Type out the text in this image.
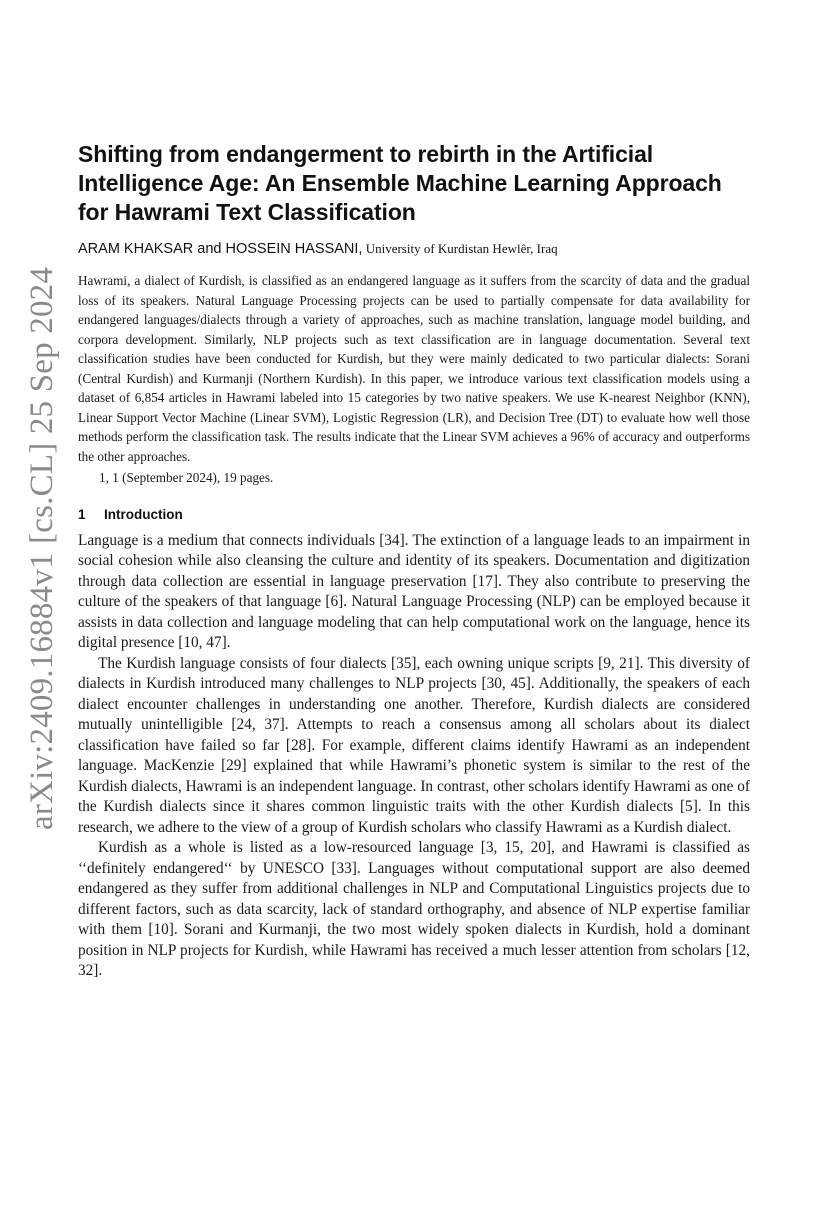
arXiv:2409.16884v1 [cs.CL] 25 Sep 2024
Shifting from endangerment to rebirth in the Artificial Intelligence Age: An Ensemble Machine Learning Approach for Hawrami Text Classification
ARAM KHAKSAR and HOSSEIN HASSANI, University of Kurdistan Hewlêr, Iraq
Hawrami, a dialect of Kurdish, is classified as an endangered language as it suffers from the scarcity of data and the gradual loss of its speakers. Natural Language Processing projects can be used to partially compensate for data availability for endangered languages/dialects through a variety of approaches, such as machine translation, language model building, and corpora development. Similarly, NLP projects such as text classification are in language documentation. Several text classification studies have been conducted for Kurdish, but they were mainly dedicated to two particular dialects: Sorani (Central Kurdish) and Kurmanji (Northern Kurdish). In this paper, we introduce various text classification models using a dataset of 6,854 articles in Hawrami labeled into 15 categories by two native speakers. We use K-nearest Neighbor (KNN), Linear Support Vector Machine (Linear SVM), Logistic Regression (LR), and Decision Tree (DT) to evaluate how well those methods perform the classification task. The results indicate that the Linear SVM achieves a 96% of accuracy and outperforms the other approaches.
1, 1 (September 2024), 19 pages.
1 Introduction

Language is a medium that connects individuals [34]. The extinction of a language leads to an impairment in social cohesion while also cleansing the culture and identity of its speakers. Documentation and digitization through data collection are essential in language preservation [17]. They also contribute to preserving the culture of the speakers of that language [6]. Natural Language Processing (NLP) can be employed because it assists in data collection and language modeling that can help computational work on the language, hence its digital presence [10, 47].

The Kurdish language consists of four dialects [35], each owning unique scripts [9, 21]. This diversity of dialects in Kurdish introduced many challenges to NLP projects [30, 45]. Additionally, the speakers of each dialect encounter challenges in understanding one another. Therefore, Kurdish dialects are considered mutually unintelligible [24, 37]. Attempts to reach a consensus among all scholars about its dialect classification have failed so far [28]. For example, different claims identify Hawrami as an independent language. MacKenzie [29] explained that while Hawrami’s phonetic system is similar to the rest of the Kurdish dialects, Hawrami is an independent language. In contrast, other scholars identify Hawrami as one of the Kurdish dialects since it shares common linguistic traits with the other Kurdish dialects [5]. In this research, we adhere to the view of a group of Kurdish scholars who classify Hawrami as a Kurdish dialect.

Kurdish as a whole is listed as a low-resourced language [3, 15, 20], and Hawrami is classified as ‘‘definitely endangered‘‘ by UNESCO [33]. Languages without computational support are also deemed endangered as they suffer from additional challenges in NLP and Computational Linguistics projects due to different factors, such as data scarcity, lack of standard orthography, and absence of NLP expertise familiar with them [10]. Sorani and Kurmanji, the two most widely spoken dialects in Kurdish, hold a dominant position in NLP projects for Kurdish, while Hawrami has received a much lesser attention from scholars [12, 32].
